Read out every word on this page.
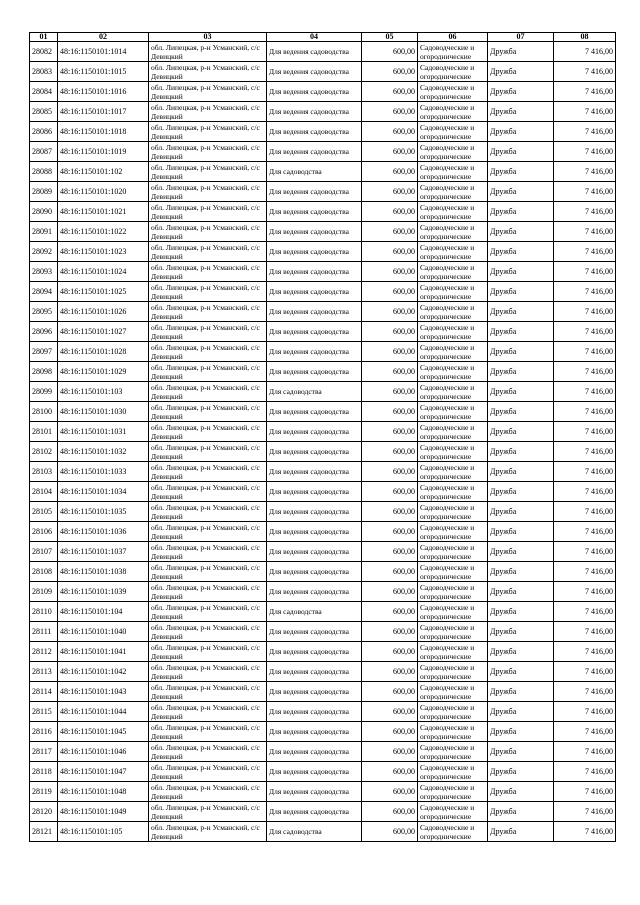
01	02	03	04	05	06	07	08
28082	48:16:1150101:1014	обл. Липецкая, р-н Усманский, с/с Девицкий	Для ведения садоводства	600,00	Садоводческие и огороднические	Дружба	7 416,00
28083	48:16:1150101:1015	обл. Липецкая, р-н Усманский, с/с Девицкий	Для ведения садоводства	600,00	Садоводческие и огороднические	Дружба	7 416,00
28084	48:16:1150101:1016	обл. Липецкая, р-н Усманский, с/с Девицкий	Для ведения садоводства	600,00	Садоводческие и огороднические	Дружба	7 416,00
28085	48:16:1150101:1017	обл. Липецкая, р-н Усманский, с/с Девицкий	Для ведения садоводства	600,00	Садоводческие и огороднические	Дружба	7 416,00
28086	48:16:1150101:1018	обл. Липецкая, р-н Усманский, с/с Девицкий	Для ведения садоводства	600,00	Садоводческие и огороднические	Дружба	7 416,00
28087	48:16:1150101:1019	обл. Липецкая, р-н Усманский, с/с Девицкий	Для ведения садоводства	600,00	Садоводческие и огороднические	Дружба	7 416,00
28088	48:16:1150101:102	обл. Липецкая, р-н Усманский, с/с Девицкий	Для садоводства	600,00	Садоводческие и огороднические	Дружба	7 416,00
28089	48:16:1150101:1020	обл. Липецкая, р-н Усманский, с/с Девицкий	Для ведения садоводства	600,00	Садоводческие и огороднические	Дружба	7 416,00
28090	48:16:1150101:1021	обл. Липецкая, р-н Усманский, с/с Девицкий	Для ведения садоводства	600,00	Садоводческие и огороднические	Дружба	7 416,00
28091	48:16:1150101:1022	обл. Липецкая, р-н Усманский, с/с Девицкий	Для ведения садоводства	600,00	Садоводческие и огороднические	Дружба	7 416,00
28092	48:16:1150101:1023	обл. Липецкая, р-н Усманский, с/с Девицкий	Для ведения садоводства	600,00	Садоводческие и огороднические	Дружба	7 416,00
28093	48:16:1150101:1024	обл. Липецкая, р-н Усманский, с/с Девицкий	Для ведения садоводства	600,00	Садоводческие и огороднические	Дружба	7 416,00
28094	48:16:1150101:1025	обл. Липецкая, р-н Усманский, с/с Девицкий	Для ведения садоводства	600,00	Садоводческие и огороднические	Дружба	7 416,00
28095	48:16:1150101:1026	обл. Липецкая, р-н Усманский, с/с Девицкий	Для ведения садоводства	600,00	Садоводческие и огороднические	Дружба	7 416,00
28096	48:16:1150101:1027	обл. Липецкая, р-н Усманский, с/с Девицкий	Для ведения садоводства	600,00	Садоводческие и огороднические	Дружба	7 416,00
28097	48:16:1150101:1028	обл. Липецкая, р-н Усманский, с/с Девицкий	Для ведения садоводства	600,00	Садоводческие и огороднические	Дружба	7 416,00
28098	48:16:1150101:1029	обл. Липецкая, р-н Усманский, с/с Девицкий	Для ведения садоводства	600,00	Садоводческие и огороднические	Дружба	7 416,00
28099	48:16:1150101:103	обл. Липецкая, р-н Усманский, с/с Девицкий	Для садоводства	600,00	Садоводческие и огороднические	Дружба	7 416,00
28100	48:16:1150101:1030	обл. Липецкая, р-н Усманский, с/с Девицкий	Для ведения садоводства	600,00	Садоводческие и огороднические	Дружба	7 416,00
28101	48:16:1150101:1031	обл. Липецкая, р-н Усманский, с/с Девицкий	Для ведения садоводства	600,00	Садоводческие и огороднические	Дружба	7 416,00
28102	48:16:1150101:1032	обл. Липецкая, р-н Усманский, с/с Девицкий	Для ведения садоводства	600,00	Садоводческие и огороднические	Дружба	7 416,00
28103	48:16:1150101:1033	обл. Липецкая, р-н Усманский, с/с Девицкий	Для ведения садоводства	600,00	Садоводческие и огороднические	Дружба	7 416,00
28104	48:16:1150101:1034	обл. Липецкая, р-н Усманский, с/с Девицкий	Для ведения садоводства	600,00	Садоводческие и огороднические	Дружба	7 416,00
28105	48:16:1150101:1035	обл. Липецкая, р-н Усманский, с/с Девицкий	Для ведения садоводства	600,00	Садоводческие и огороднические	Дружба	7 416,00
28106	48:16:1150101:1036	обл. Липецкая, р-н Усманский, с/с Девицкий	Для ведения садоводства	600,00	Садоводческие и огороднические	Дружба	7 416,00
28107	48:16:1150101:1037	обл. Липецкая, р-н Усманский, с/с Девицкий	Для ведения садоводства	600,00	Садоводческие и огороднические	Дружба	7 416,00
28108	48:16:1150101:1038	обл. Липецкая, р-н Усманский, с/с Девицкий	Для ведения садоводства	600,00	Садоводческие и огороднические	Дружба	7 416,00
28109	48:16:1150101:1039	обл. Липецкая, р-н Усманский, с/с Девицкий	Для ведения садоводства	600,00	Садоводческие и огороднические	Дружба	7 416,00
28110	48:16:1150101:104	обл. Липецкая, р-н Усманский, с/с Девицкий	Для садоводства	600,00	Садоводческие и огороднические	Дружба	7 416,00
28111	48:16:1150101:1040	обл. Липецкая, р-н Усманский, с/с Девицкий	Для ведения садоводства	600,00	Садоводческие и огороднические	Дружба	7 416,00
28112	48:16:1150101:1041	обл. Липецкая, р-н Усманский, с/с Девицкий	Для ведения садоводства	600,00	Садоводческие и огороднические	Дружба	7 416,00
28113	48:16:1150101:1042	обл. Липецкая, р-н Усманский, с/с Девицкий	Для ведения садоводства	600,00	Садоводческие и огороднические	Дружба	7 416,00
28114	48:16:1150101:1043	обл. Липецкая, р-н Усманский, с/с Девицкий	Для ведения садоводства	600,00	Садоводческие и огороднические	Дружба	7 416,00
28115	48:16:1150101:1044	обл. Липецкая, р-н Усманский, с/с Девицкий	Для ведения садоводства	600,00	Садоводческие и огороднические	Дружба	7 416,00
28116	48:16:1150101:1045	обл. Липецкая, р-н Усманский, с/с Девицкий	Для ведения садоводства	600,00	Садоводческие и огороднические	Дружба	7 416,00
28117	48:16:1150101:1046	обл. Липецкая, р-н Усманский, с/с Девицкий	Для ведения садоводства	600,00	Садоводческие и огороднические	Дружба	7 416,00
28118	48:16:1150101:1047	обл. Липецкая, р-н Усманский, с/с Девицкий	Для ведения садоводства	600,00	Садоводческие и огороднические	Дружба	7 416,00
28119	48:16:1150101:1048	обл. Липецкая, р-н Усманский, с/с Девицкий	Для ведения садоводства	600,00	Садоводческие и огороднические	Дружба	7 416,00
28120	48:16:1150101:1049	обл. Липецкая, р-н Усманский, с/с Девицкий	Для ведения садоводства	600,00	Садоводческие и огороднические	Дружба	7 416,00
28121	48:16:1150101:105	обл. Липецкая, р-н Усманский, с/с Девицкий	Для садоводства	600,00	Садоводческие и огороднические	Дружба	7 416,00
